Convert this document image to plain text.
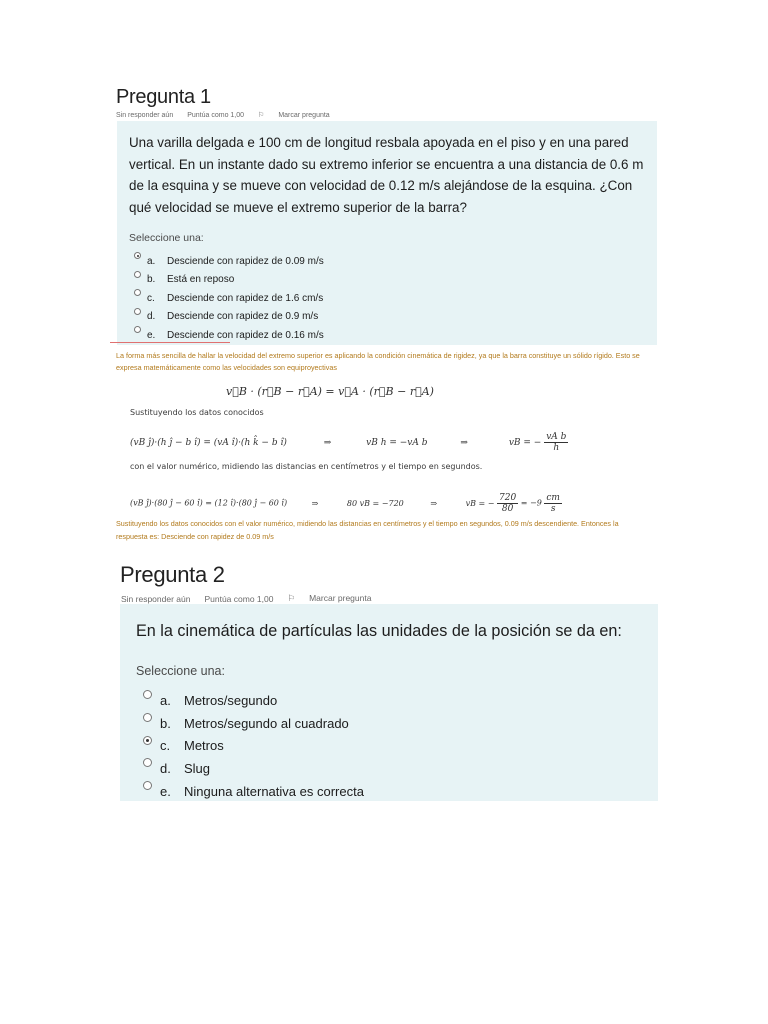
Pregunta 1
Sin responder aún Puntúa como 1,00 ⚐ Marcar pregunta

Una varilla delgada e 100 cm de longitud resbala apoyada en el piso y en una pared vertical. En un instante dado su extremo inferior se encuentra a una distancia de 0.6 m de la esquina y se mueve con velocidad de 0.12 m/s alejándose de la esquina. ¿Con qué velocidad se mueve el extremo superior de la barra?

Seleccione una:
a.	Desciende con rapidez de 0.09 m/s
b.	Está en reposo
c.	Desciende con rapidez de 1.6 cm/s
d.	Desciende con rapidez de 0.9 m/s
e.	Desciende con rapidez de 0.16 m/s
La forma más sencilla de hallar la velocidad del extremo superior es aplicando la condición cinemática de rigidez, ya que la barra constituye un sólido rígido. Esto se expresa matemáticamente como las velocidades son equiproyectivas
v⃗B · (r⃗B − r⃗A) = v⃗A · (r⃗B − r⃗A)
Sustituyendo los datos conocidos
(vB ĵ)·(h ĵ − b î) = (vA î)·(h k̂ − b î)	⇒	vB h = −vA b	⇒	vB = − $\frac{\text{vA b}}{h}$
con el valor numérico, midiendo las distancias en centímetros y el tiempo en segundos.
(vB ĵ)·(80 ĵ − 60 î) = (12 î)·(80 ĵ − 60 î)	⇒	80 vB = −720	⇒	vB = − $\frac{720}{80} = -9 \frac{cm}{s}$
Sustituyendo los datos conocidos con el valor numérico, midiendo las distancias en centímetros y el tiempo en segundos, 0.09 m/s descendiente. Entonces la respuesta es: Desciende con rapidez de 0.09 m/s
Pregunta 2
Sin responder aún Puntúa como 1,00 ⚐ Marcar pregunta

En la cinemática de partículas las unidades de la posición se da en:

Seleccione una:
a.	Metros/segundo
b.	Metros/segundo al cuadrado
c.	Metros
d.	Slug
e.	Ninguna alternativa es correcta
